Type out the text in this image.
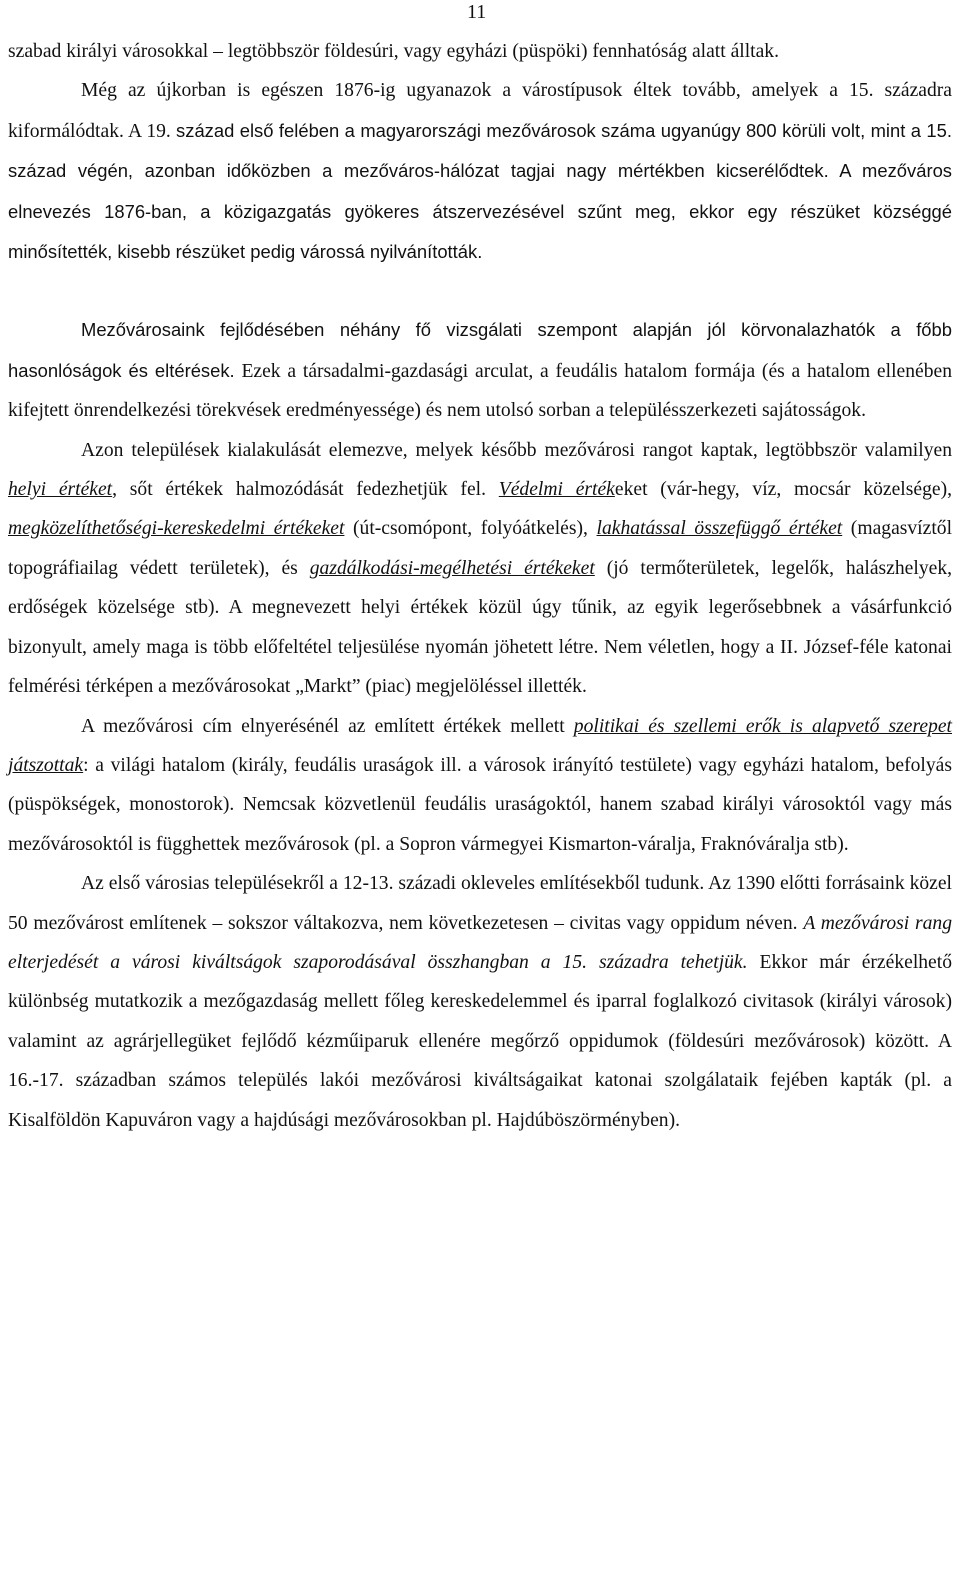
11

szabad királyi városokkal – legtöbbször földesúri, vagy egyházi (püspöki) fennhatóság alatt álltak.

Még az újkorban is egészen 1876-ig ugyanazok a várostípusok éltek tovább, amelyek a 15. századra kiformálódtak. A 19. század első felében a magyarországi mezővárosok száma ugyanúgy 800 körüli volt, mint a 15. század végén, azonban időközben a mezőváros-hálózat tagjai nagy mértékben kicserélődtek. A mezőváros elnevezés 1876-ban, a közigazgatás gyökeres átszervezésével szűnt meg, ekkor egy részüket községgé minősítették, kisebb részüket pedig várossá nyilvánították.

Mezővárosaink fejlődésében néhány fő vizsgálati szempont alapján jól körvonalazhatók a főbb hasonlóságok és eltérések. Ezek a társadalmi-gazdasági arculat, a feudális hatalom formája (és a hatalom ellenében kifejtett önrendelkezési törekvések eredményessége) és nem utolsó sorban a településszerkezeti sajátosságok.

Azon települések kialakulását elemezve, melyek később mezővárosi rangot kaptak, legtöbbször valamilyen helyi értéket, sőt értékek halmozódását fedezhetjük fel. Védelmi értékeket (vár-hegy, víz, mocsár közelsége), megközelíthetőségi-kereskedelmi értékeket (út-csomópont, folyóátkelés), lakhatással összefüggő értéket (magasvíztől topográfiailag védett területek), és gazdálkodási-megélhetési értékeket (jó termőterületek, legelők, halászhelyek, erdőségek közelsége stb). A megnevezett helyi értékek közül úgy tűnik, az egyik legerősebbnek a vásárfunkció bizonyult, amely maga is több előfeltétel teljesülése nyomán jöhetett létre. Nem véletlen, hogy a II. József-féle katonai felmérési térképen a mezővárosokat „Markt” (piac) megjelöléssel illették.

A mezővárosi cím elnyerésénél az említett értékek mellett politikai és szellemi erők is alapvető szerepet játszottak: a világi hatalom (király, feudális uraságok ill. a városok irányító testülete) vagy egyházi hatalom, befolyás (püspökségek, monostorok). Nemcsak közvetlenül feudális uraságoktól, hanem szabad királyi városoktól vagy más mezővárosoktól is függhettek mezővárosok (pl. a Sopron vármegyei Kismarton-váralja, Fraknóváralja stb).

Az első városias településekről a 12-13. századi okleveles említésekből tudunk. Az 1390 előtti forrásaink közel 50 mezővárost említenek – sokszor váltakozva, nem következetesen – civitas vagy oppidum néven. A mezővárosi rang elterjedését a városi kiváltságok szaporodásával összhangban a 15. századra tehetjük. Ekkor már érzékelhető különbség mutatkozik a mezőgazdaság mellett főleg kereskedelemmel és iparral foglalkozó civitasok (királyi városok) valamint az agrárjellegüket fejlődő kézműiparuk ellenére megőrző oppidumok (földesúri mezővárosok) között. A 16.-17. században számos település lakói mezővárosi kiváltságaikat katonai szolgálataik fejében kapták (pl. a Kisalföldön Kapuváron vagy a hajdúsági mezővárosokban pl. Hajdúböszörményben).
